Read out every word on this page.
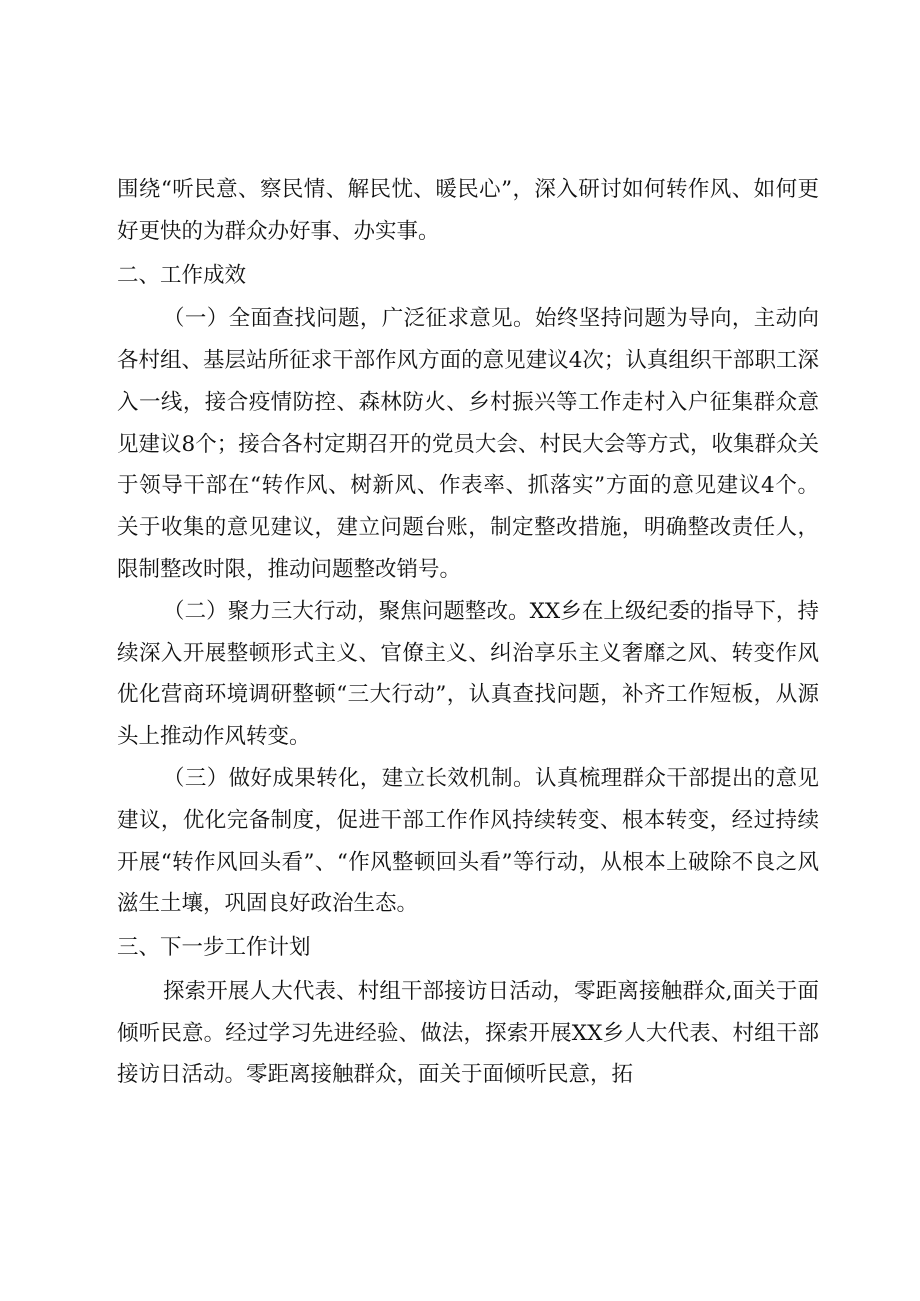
围绕“听民意、察民情、解民忧、暖民心”，深入研讨如何转作风、如何更好更快的为群众办好事、办实事。

二、工作成效

（一）全面查找问题，广泛征求意见。始终坚持问题为导向，主动向各村组、基层站所征求干部作风方面的意见建议4次；认真组织干部职工深入一线，接合疫情防控、森林防火、乡村振兴等工作走村入户征集群众意见建议8个；接合各村定期召开的党员大会、村民大会等方式，收集群众关于领导干部在“转作风、树新风、作表率、抓落实”方面的意见建议4个。关于收集的意见建议，建立问题台账，制定整改措施，明确整改责任人，限制整改时限，推动问题整改销号。

（二）聚力三大行动，聚焦问题整改。XX乡在上级纪委的指导下，持续深入开展整顿形式主义、官僚主义、纠治享乐主义奢靡之风、转变作风优化营商环境调研整顿“三大行动”，认真查找问题，补齐工作短板，从源头上推动作风转变。

（三）做好成果转化，建立长效机制。认真梳理群众干部提出的意见建议，优化完备制度，促进干部工作作风持续转变、根本转变，经过持续开展“转作风回头看”、“作风整顿回头看”等行动，从根本上破除不良之风滋生土壤，巩固良好政治生态。

三、下一步工作计划

探索开展人大代表、村组干部接访日活动，零距离接触群众,面关于面倾听民意。经过学习先进经验、做法，探索开展XX乡人大代表、村组干部接访日活动。零距离接触群众，面关于面倾听民意，拓
